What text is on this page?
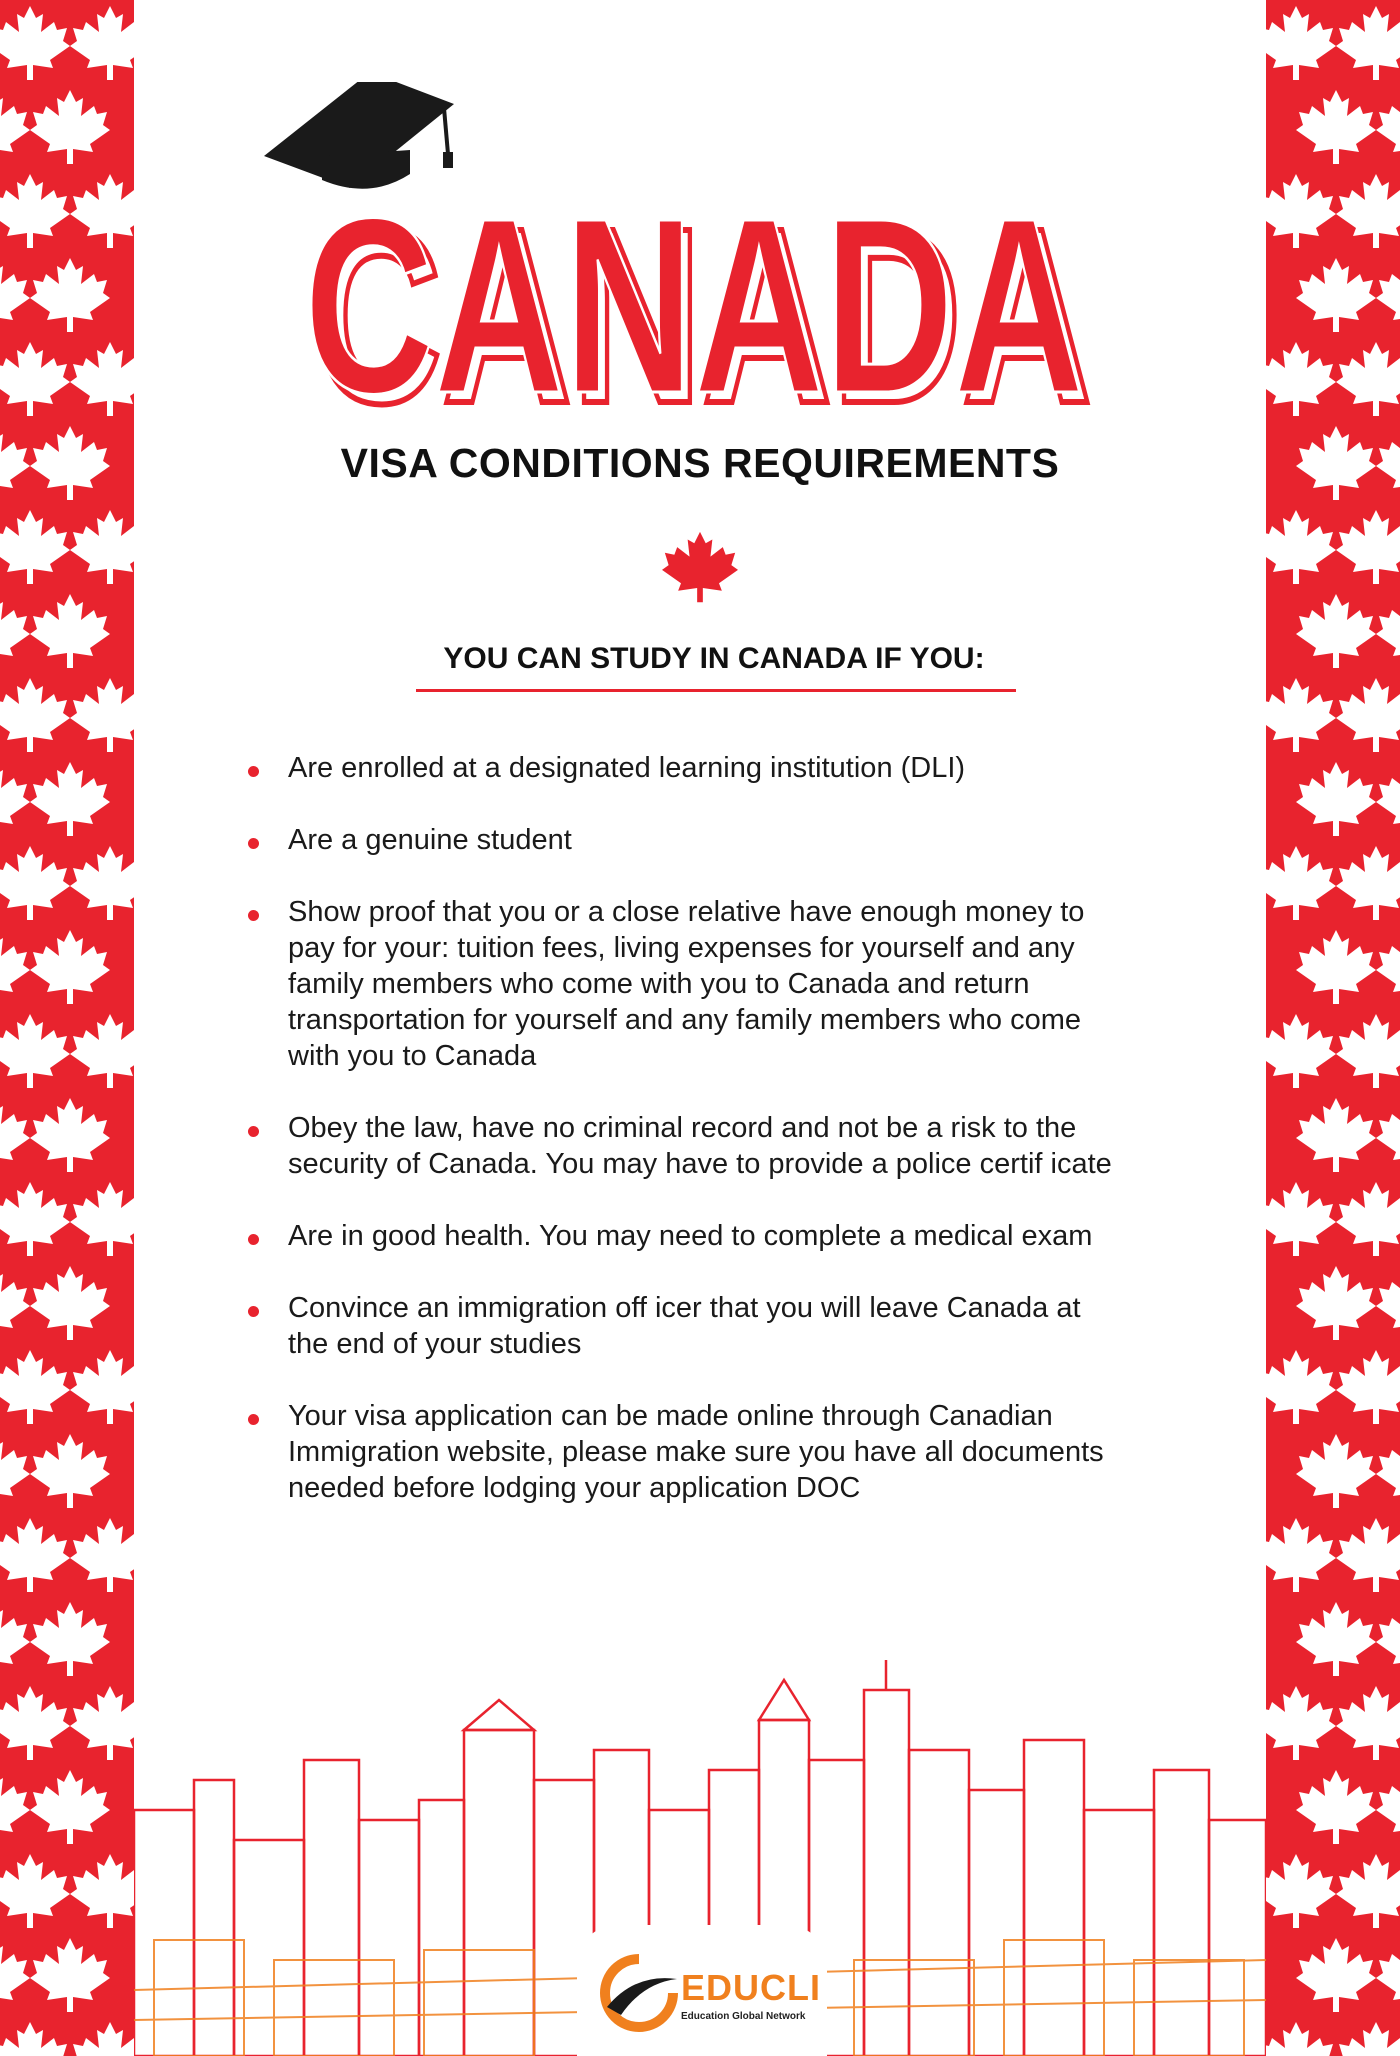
CANADA
CANADA
VISA CONDITIONS REQUIREMENTS
YOU CAN STUDY IN CANADA IF YOU:
Are enrolled at a designated learning institution (DLI)
Are a genuine student
Show proof that you or a close relative have enough money to pay for your: tuition fees, living expenses for yourself and any family members who come with you to Canada and return transportation for yourself and any family members who come with you to Canada
Obey the law, have no criminal record and not be a risk to the security of Canada. You may have to provide a police certif icate
Are in good health. You may need to complete a medical exam
Convince an immigration off icer that you will leave Canada at the end of your studies
Your visa application can be made online through Canadian Immigration website, please make sure you have all documents needed before lodging your application DOC
EDUCLI
Education Global Network
